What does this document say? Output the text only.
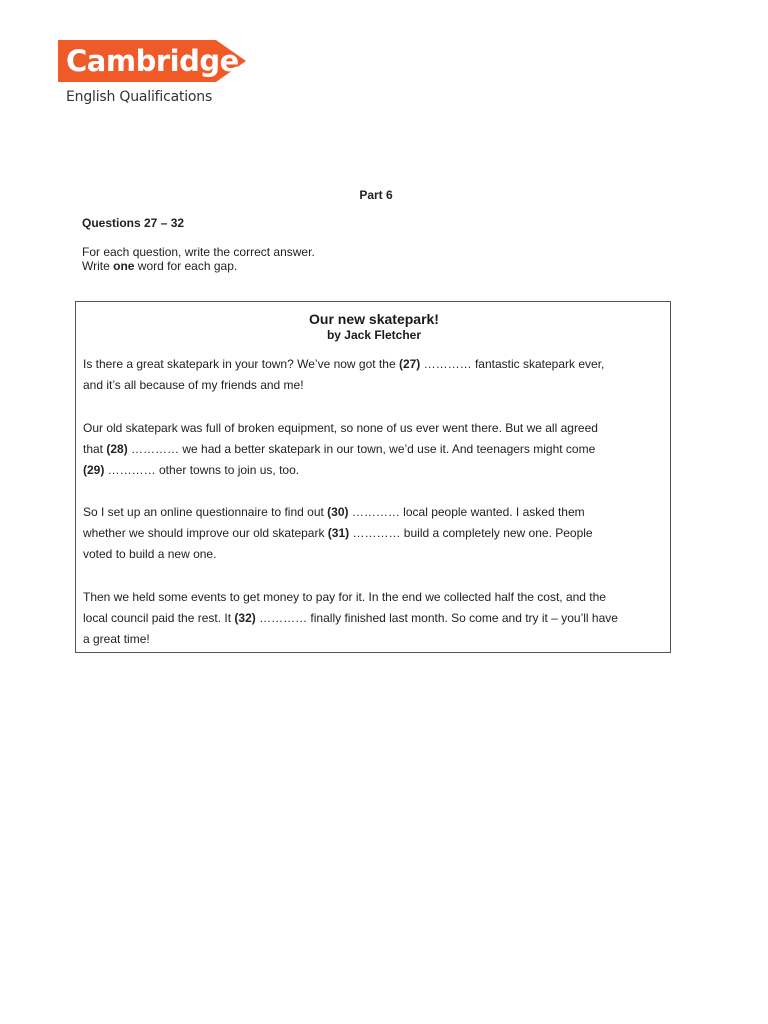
Cambridge
English Qualifications
Part 6
Questions 27 – 32
For each question, write the correct answer.
Write one word for each gap.
Our new skatepark!
by Jack Fletcher
Is there a great skatepark in your town? We’ve now got the (27) ………… fantastic skatepark ever,
and it’s all because of my friends and me!
Our old skatepark was full of broken equipment, so none of us ever went there. But we all agreed
that (28) ………… we had a better skatepark in our town, we’d use it. And teenagers might come
(29) ………… other towns to join us, too.
So I set up an online questionnaire to find out (30) ………… local people wanted. I asked them
whether we should improve our old skatepark (31) ………… build a completely new one. People
voted to build a new one.
Then we held some events to get money to pay for it. In the end we collected half the cost, and the
local council paid the rest. It (32) ………… finally finished last month. So come and try it – you’ll have
a great time!
